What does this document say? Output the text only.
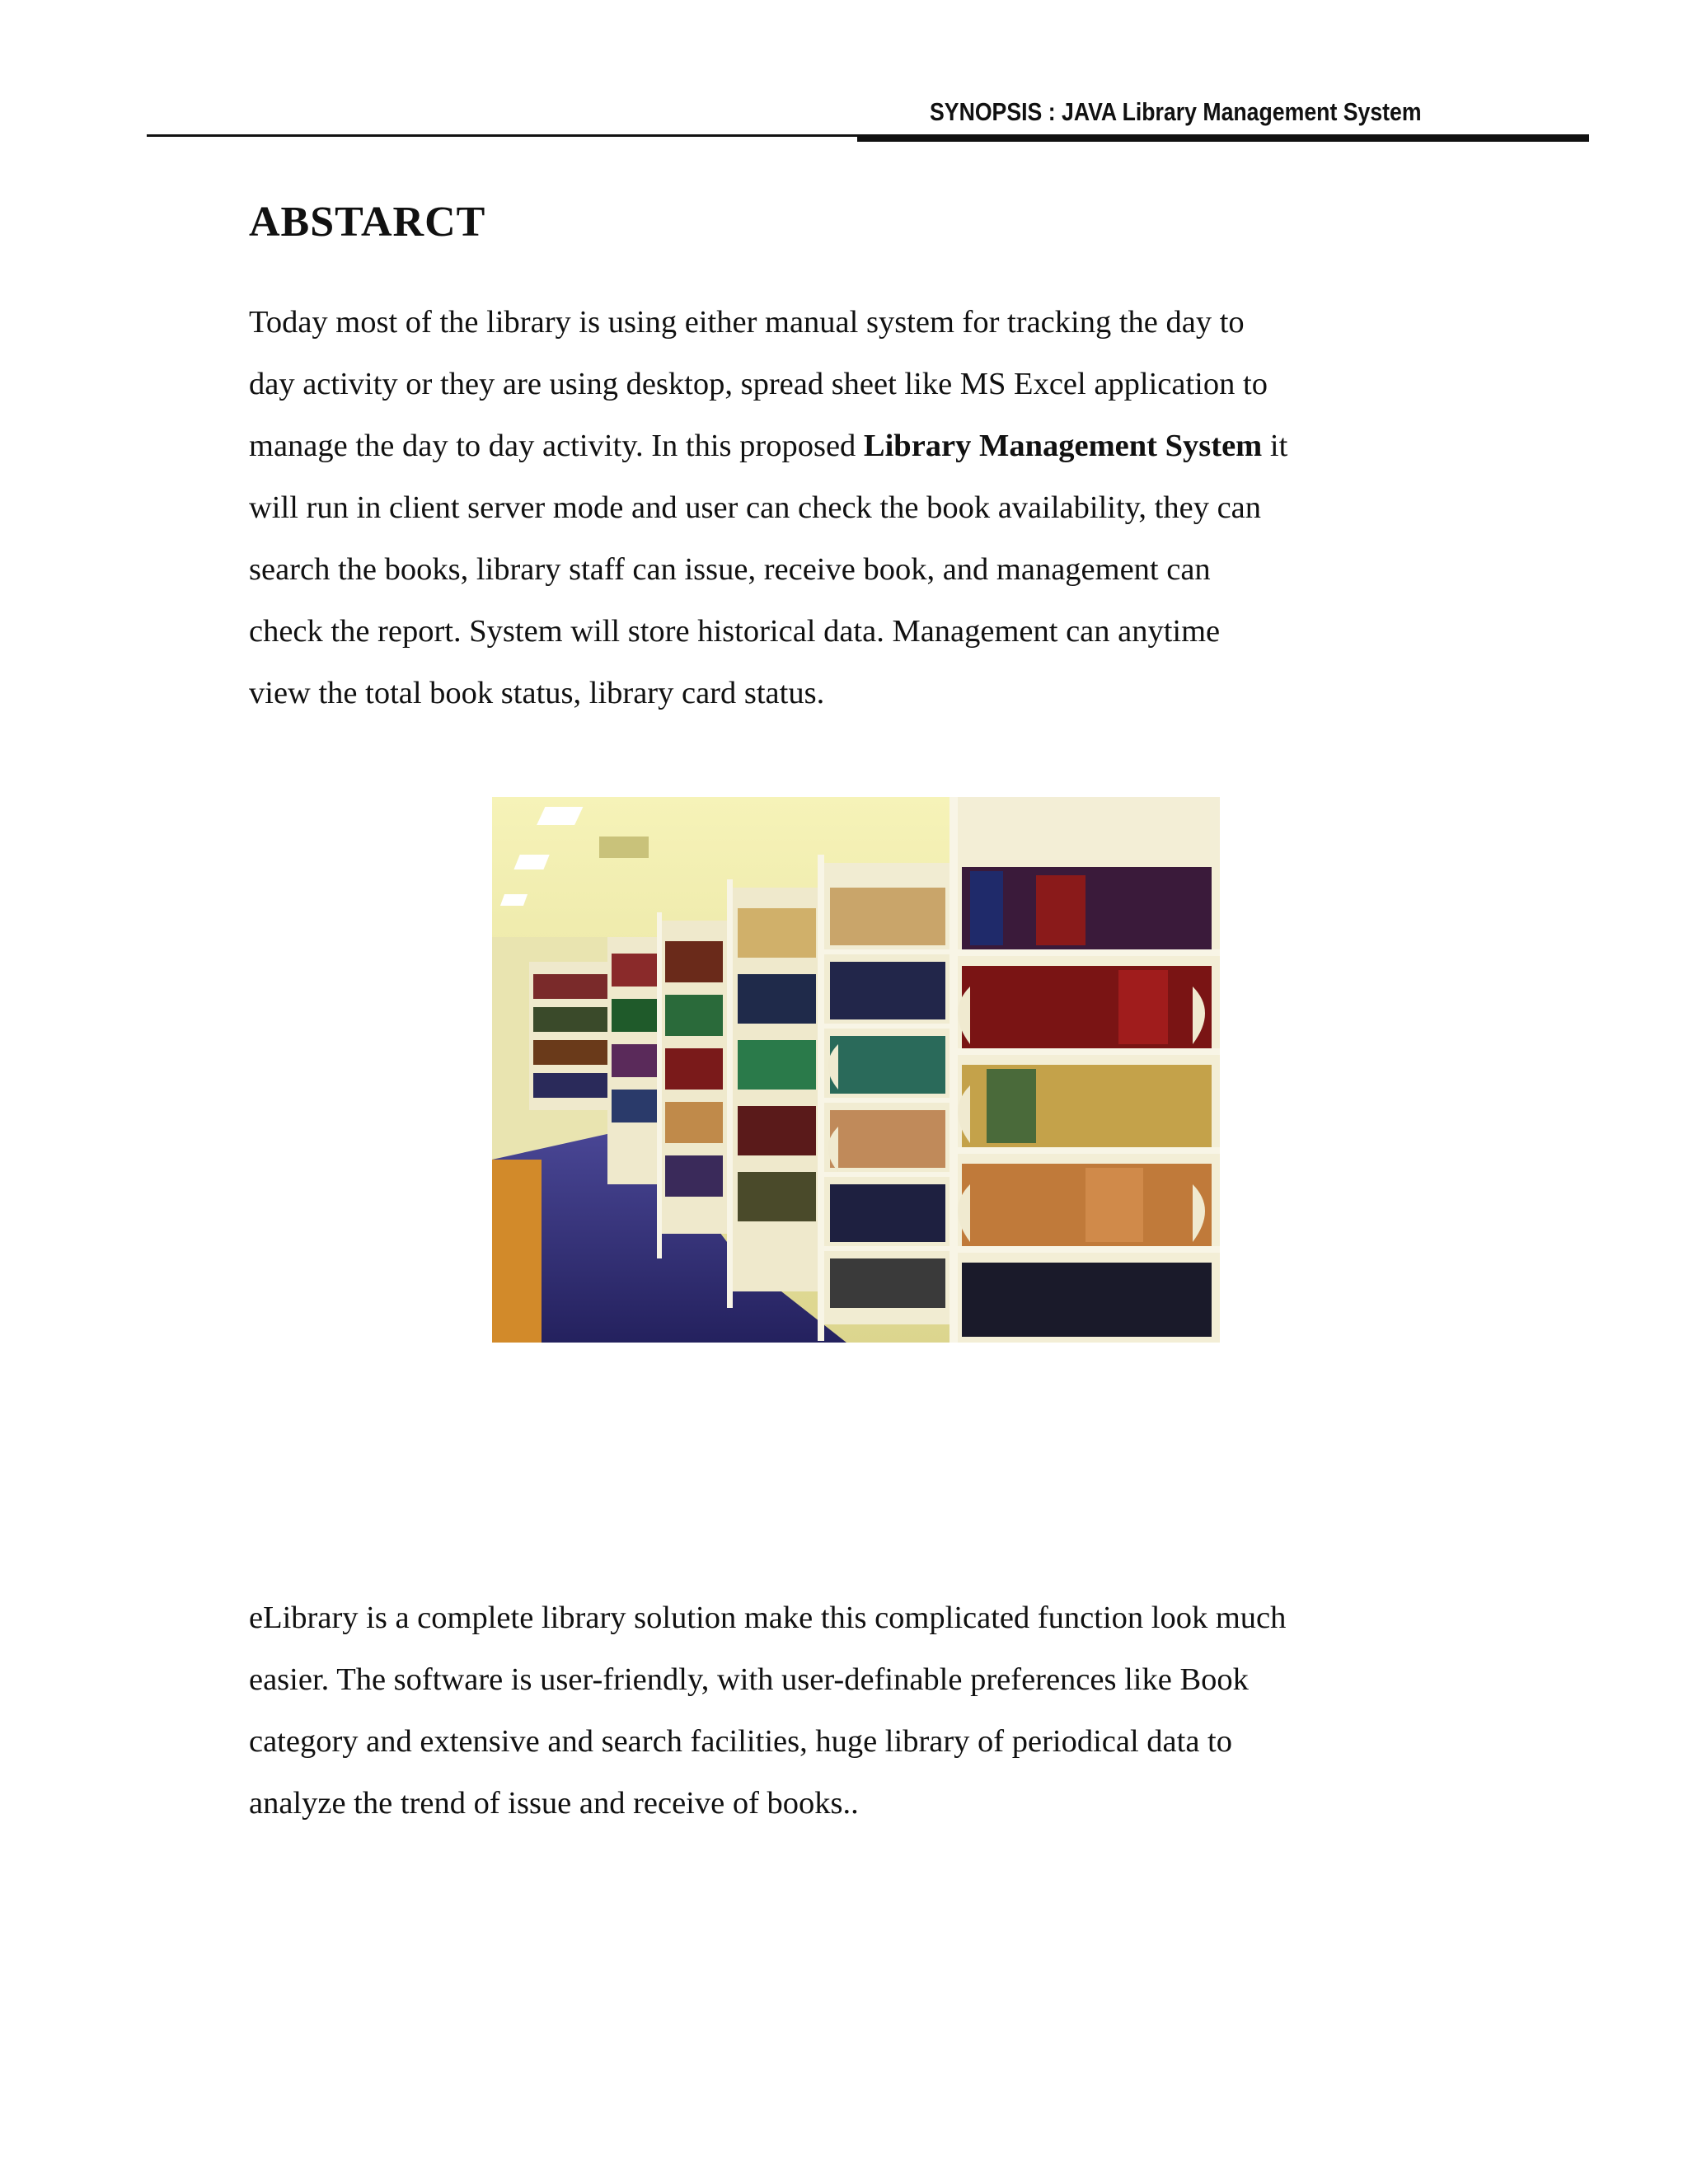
SYNOPSIS : JAVA Library Management System
ABSTARCT
Today most of the library is using either manual system for tracking the day to
day activity or they are using desktop, spread sheet like MS Excel application to
manage the day to day activity. In this proposed Library Management System it
will run in client server mode and user can check the book availability, they can
search the books, library staff can issue, receive book, and management can
check the report. System will store historical data. Management can anytime
view the total book status, library card status.
eLibrary is a complete library solution make this complicated function look much
easier. The software is user-friendly, with user-definable preferences like Book
category and extensive and search facilities, huge library of periodical data to
analyze the trend of issue and receive of books..
